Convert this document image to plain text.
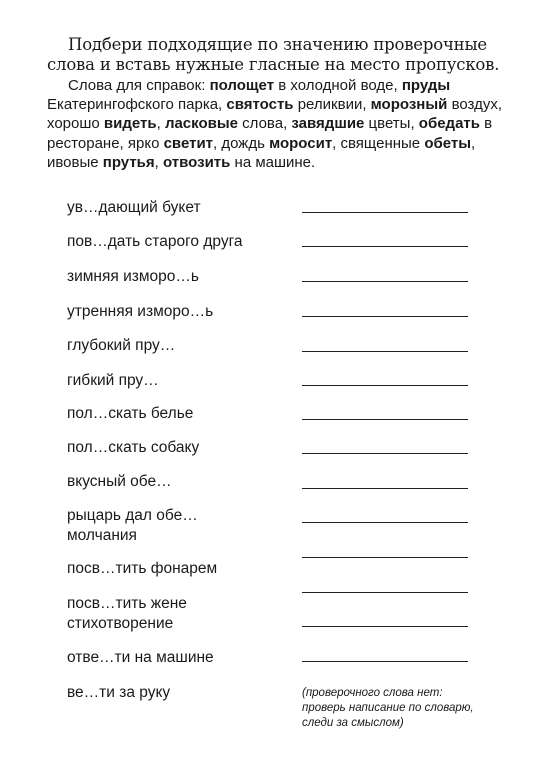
Подбери подходящие по значению проверочные слова и вставь нужные гласные на место пропусков.

Слова для справок: полощет в холодной воде, пруды Екатерингофского парка, святость реликвии, морозный воздух, хорошо видеть, ласковые слова, завядшие цветы, обедать в ресторане, ярко светит, дождь моросит, священные обеты, ивовые прутья, отвозить на машине.

ув…дающий букет
пов…дать старого друга
зимняя изморо…ь
утренняя изморо…ь
глубокий пру…
гибкий пру…
пол…скать белье
пол…скать собаку
вкусный обе…
рыцарь дал обе…
молчания
посв…тить фонарем
посв…тить жене
стихотворение
отве…ти на машине
ве…ти за руку	(проверочного слова нет:
проверь написание по словарю,
следи за смыслом)
